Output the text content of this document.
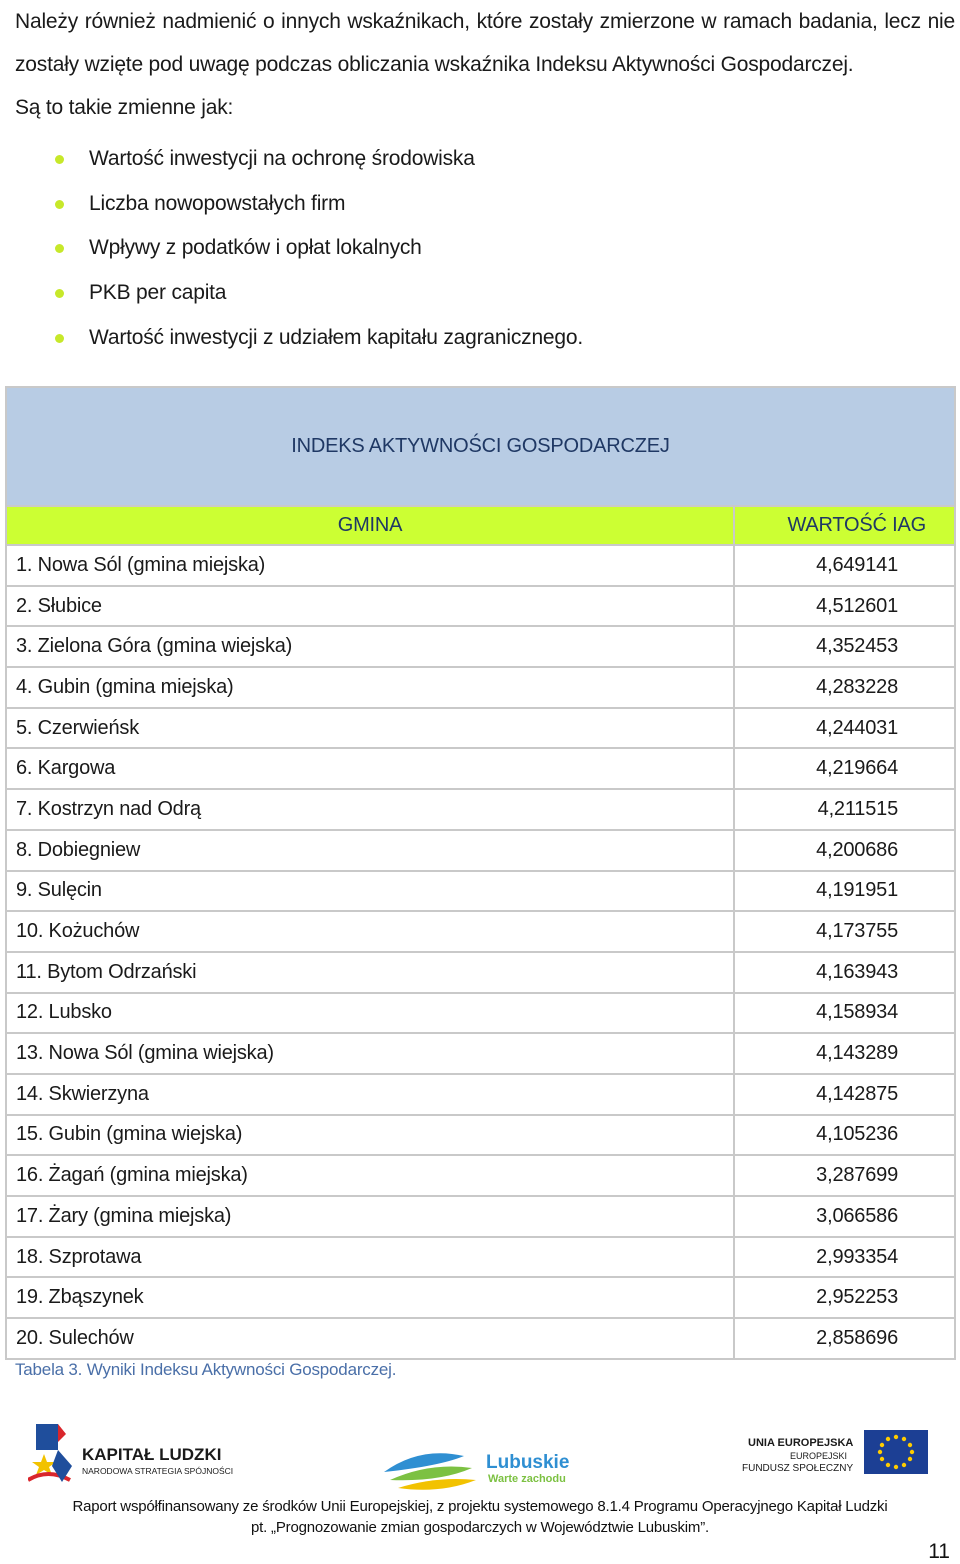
Należy również nadmienić o innych wskaźnikach, które zostały zmierzone w ramach badania, lecz nie zostały wzięte pod uwagę podczas obliczania wskaźnika Indeksu Aktywności Gospodarczej.

Są to takie zmienne jak:

Wartość inwestycji na ochronę środowiska
Liczba nowopowstałych firm
Wpływy z podatków i opłat lokalnych
PKB per capita
Wartość inwestycji z udziałem kapitału zagranicznego.
INDEKS AKTYWNOŚCI GOSPODARCZEJ	
GMINA	WARTOŚĆ IAG
1. Nowa Sól (gmina miejska)	4,649141
2. Słubice	4,512601
3. Zielona Góra (gmina wiejska)	4,352453
4. Gubin (gmina miejska)	4,283228
5. Czerwieńsk	4,244031
6. Kargowa	4,219664
7. Kostrzyn nad Odrą	4,211515
8. Dobiegniew	4,200686
9. Sulęcin	4,191951
10. Kożuchów	4,173755
11. Bytom Odrzański	4,163943
12. Lubsko	4,158934
13. Nowa Sól (gmina wiejska)	4,143289
14. Skwierzyna	4,142875
15. Gubin (gmina wiejska)	4,105236
16. Żagań (gmina miejska)	3,287699
17. Żary (gmina miejska)	3,066586
18. Szprotawa	2,993354
19. Zbąszynek	2,952253
20. Sulechów	2,858696
Tabela 3. Wyniki Indeksu Aktywności Gospodarczej.
KAPITAŁ LUDZKI
NARODOWA STRATEGIA SPÓJNOŚCI	Lubuskie
Warte zachodu
UNIA EUROPEJSKA
EUROPEJSKI
FUNDUSZ SPOŁECZNY
Raport współfinansowany ze środków Unii Europejskiej, z projektu systemowego 8.1.4 Programu Operacyjnego Kapitał Ludzki
pt. „Prognozowanie zmian gospodarczych w Województwie Lubuskim”.
11
